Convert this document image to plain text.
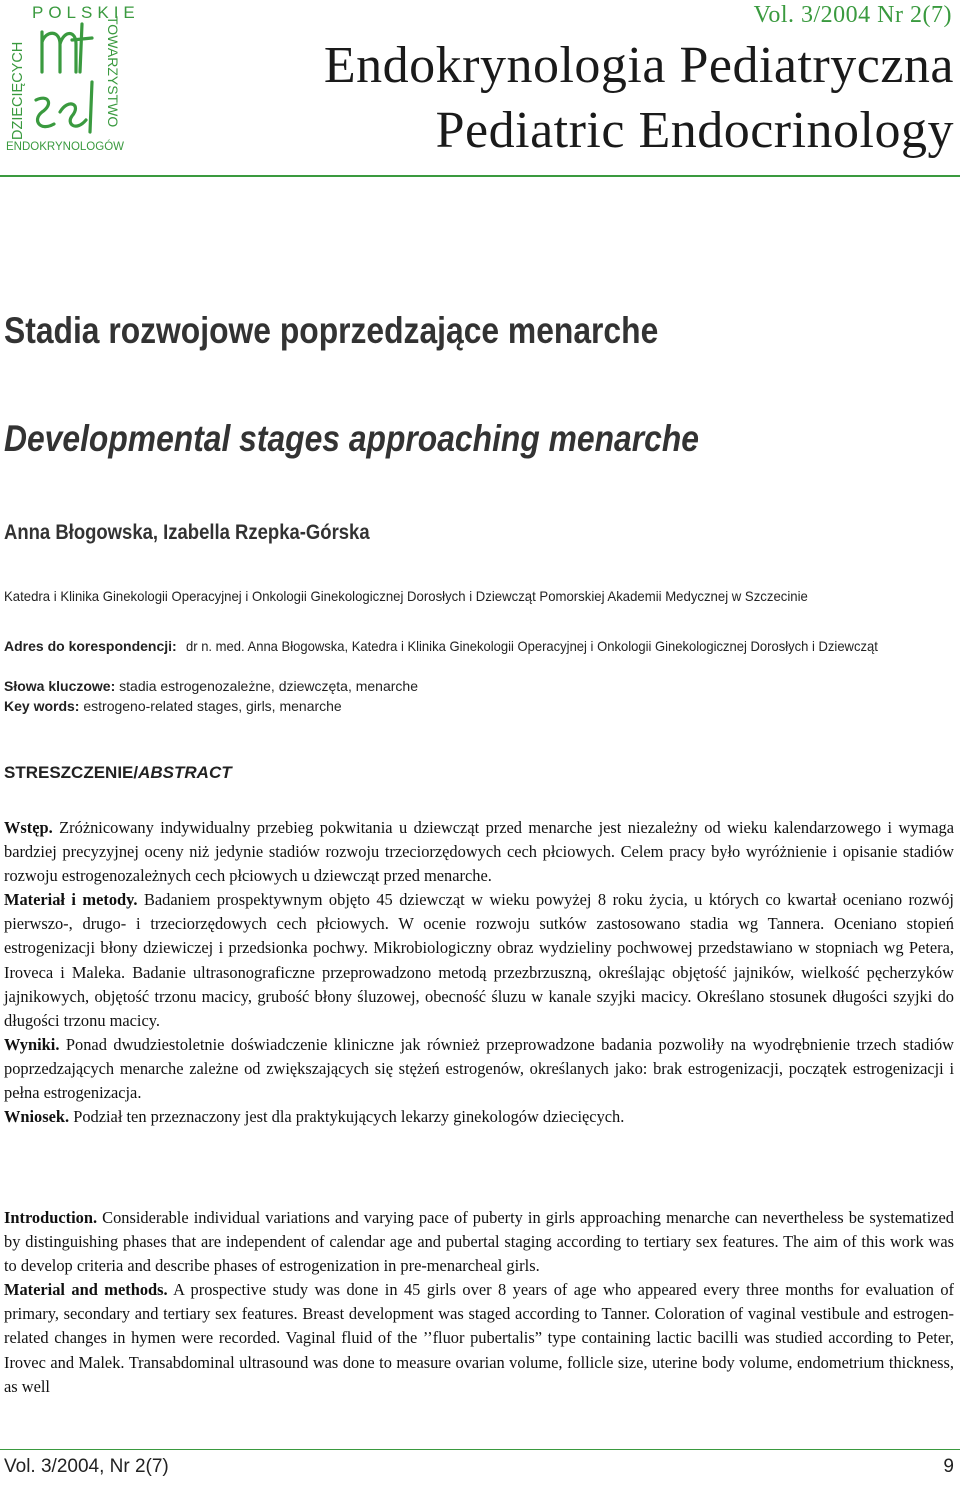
POLSKIE
DZIECIĘCYCH	TOWARZYSTWO
ENDOKRYNOLOGÓW
Vol. 3/2004 Nr 2(7)
Endokrynologia Pediatryczna
Pediatric Endocrinology
Stadia rozwojowe poprzedzające menarche
Developmental stages approaching menarche
Anna Błogowska, Izabella Rzepka-Górska
Katedra i Klinika Ginekologii Operacyjnej i Onkologii Ginekologicznej Dorosłych i Dziewcząt Pomorskiej Akademii Medycznej w Szczecinie
Adres do korespondencji: dr n. med. Anna Błogowska, Katedra i Klinika Ginekologii Operacyjnej i Onkologii Ginekologicznej Dorosłych i Dziewcząt
Słowa kluczowe: stadia estrogenozależne, dziewczęta, menarche
Key words: estrogeno-related stages, girls, menarche
STRESZCZENIE/ABSTRACT

Wstęp. Zróżnicowany indywidualny przebieg pokwitania u dziewcząt przed menarche jest niezależny od wieku kalendarzowego i wymaga bardziej precyzyjnej oceny niż jedynie stadiów rozwoju trzeciorzędowych cech płciowych. Celem pracy było wyróżnienie i opisanie stadiów rozwoju estrogenozależnych cech płciowych u dziewcząt przed menarche.

Materiał i metody. Badaniem prospektywnym objęto 45 dziewcząt w wieku powyżej 8 roku życia, u których co kwartał oceniano rozwój pierwszo-, drugo- i trzeciorzędowych cech płciowych. W ocenie rozwoju sutków zastosowano stadia wg Tannera. Oceniano stopień estrogenizacji błony dziewiczej i przedsionka pochwy. Mikrobiologiczny obraz wydzieliny pochwowej przedstawiano w stopniach wg Petera, Iroveca i Maleka. Badanie ultrasonograficzne przeprowadzono metodą przezbrzuszną, określając objętość jajników, wielkość pęcherzyków jajnikowych, objętość trzonu macicy, grubość błony śluzowej, obecność śluzu w kanale szyjki macicy. Określano stosunek długości szyjki do długości trzonu macicy.

Wyniki. Ponad dwudziestoletnie doświadczenie kliniczne jak również przeprowadzone badania pozwoliły na wyodrębnienie trzech stadiów poprzedzających menarche zależne od zwiększających się stężeń estrogenów, określanych jako: brak estrogenizacji, początek estrogenizacji i pełna estrogenizacja.

Wniosek. Podział ten przeznaczony jest dla praktykujących lekarzy ginekologów dziecięcych.

Introduction. Considerable individual variations and varying pace of puberty in girls approaching menarche can nevertheless be systematized by distinguishing phases that are independent of calendar age and pubertal staging according to tertiary sex features. The aim of this work was to develop criteria and describe phases of estrogenization in pre-menarcheal girls.

Material and methods. A prospective study was done in 45 girls over 8 years of age who appeared every three months for evaluation of primary, secondary and tertiary sex features. Breast development was staged according to Tanner. Coloration of vaginal vestibule and estrogen-related changes in hymen were recorded. Vaginal fluid of the ’’fluor pubertalis” type containing lactic bacilli was studied according to Peter, Irovec and Malek. Transabdominal ultrasound was done to measure ovarian volume, follicle size, uterine body volume, endometrium thickness, as well

Vol. 3/2004, Nr 2(7)	9
